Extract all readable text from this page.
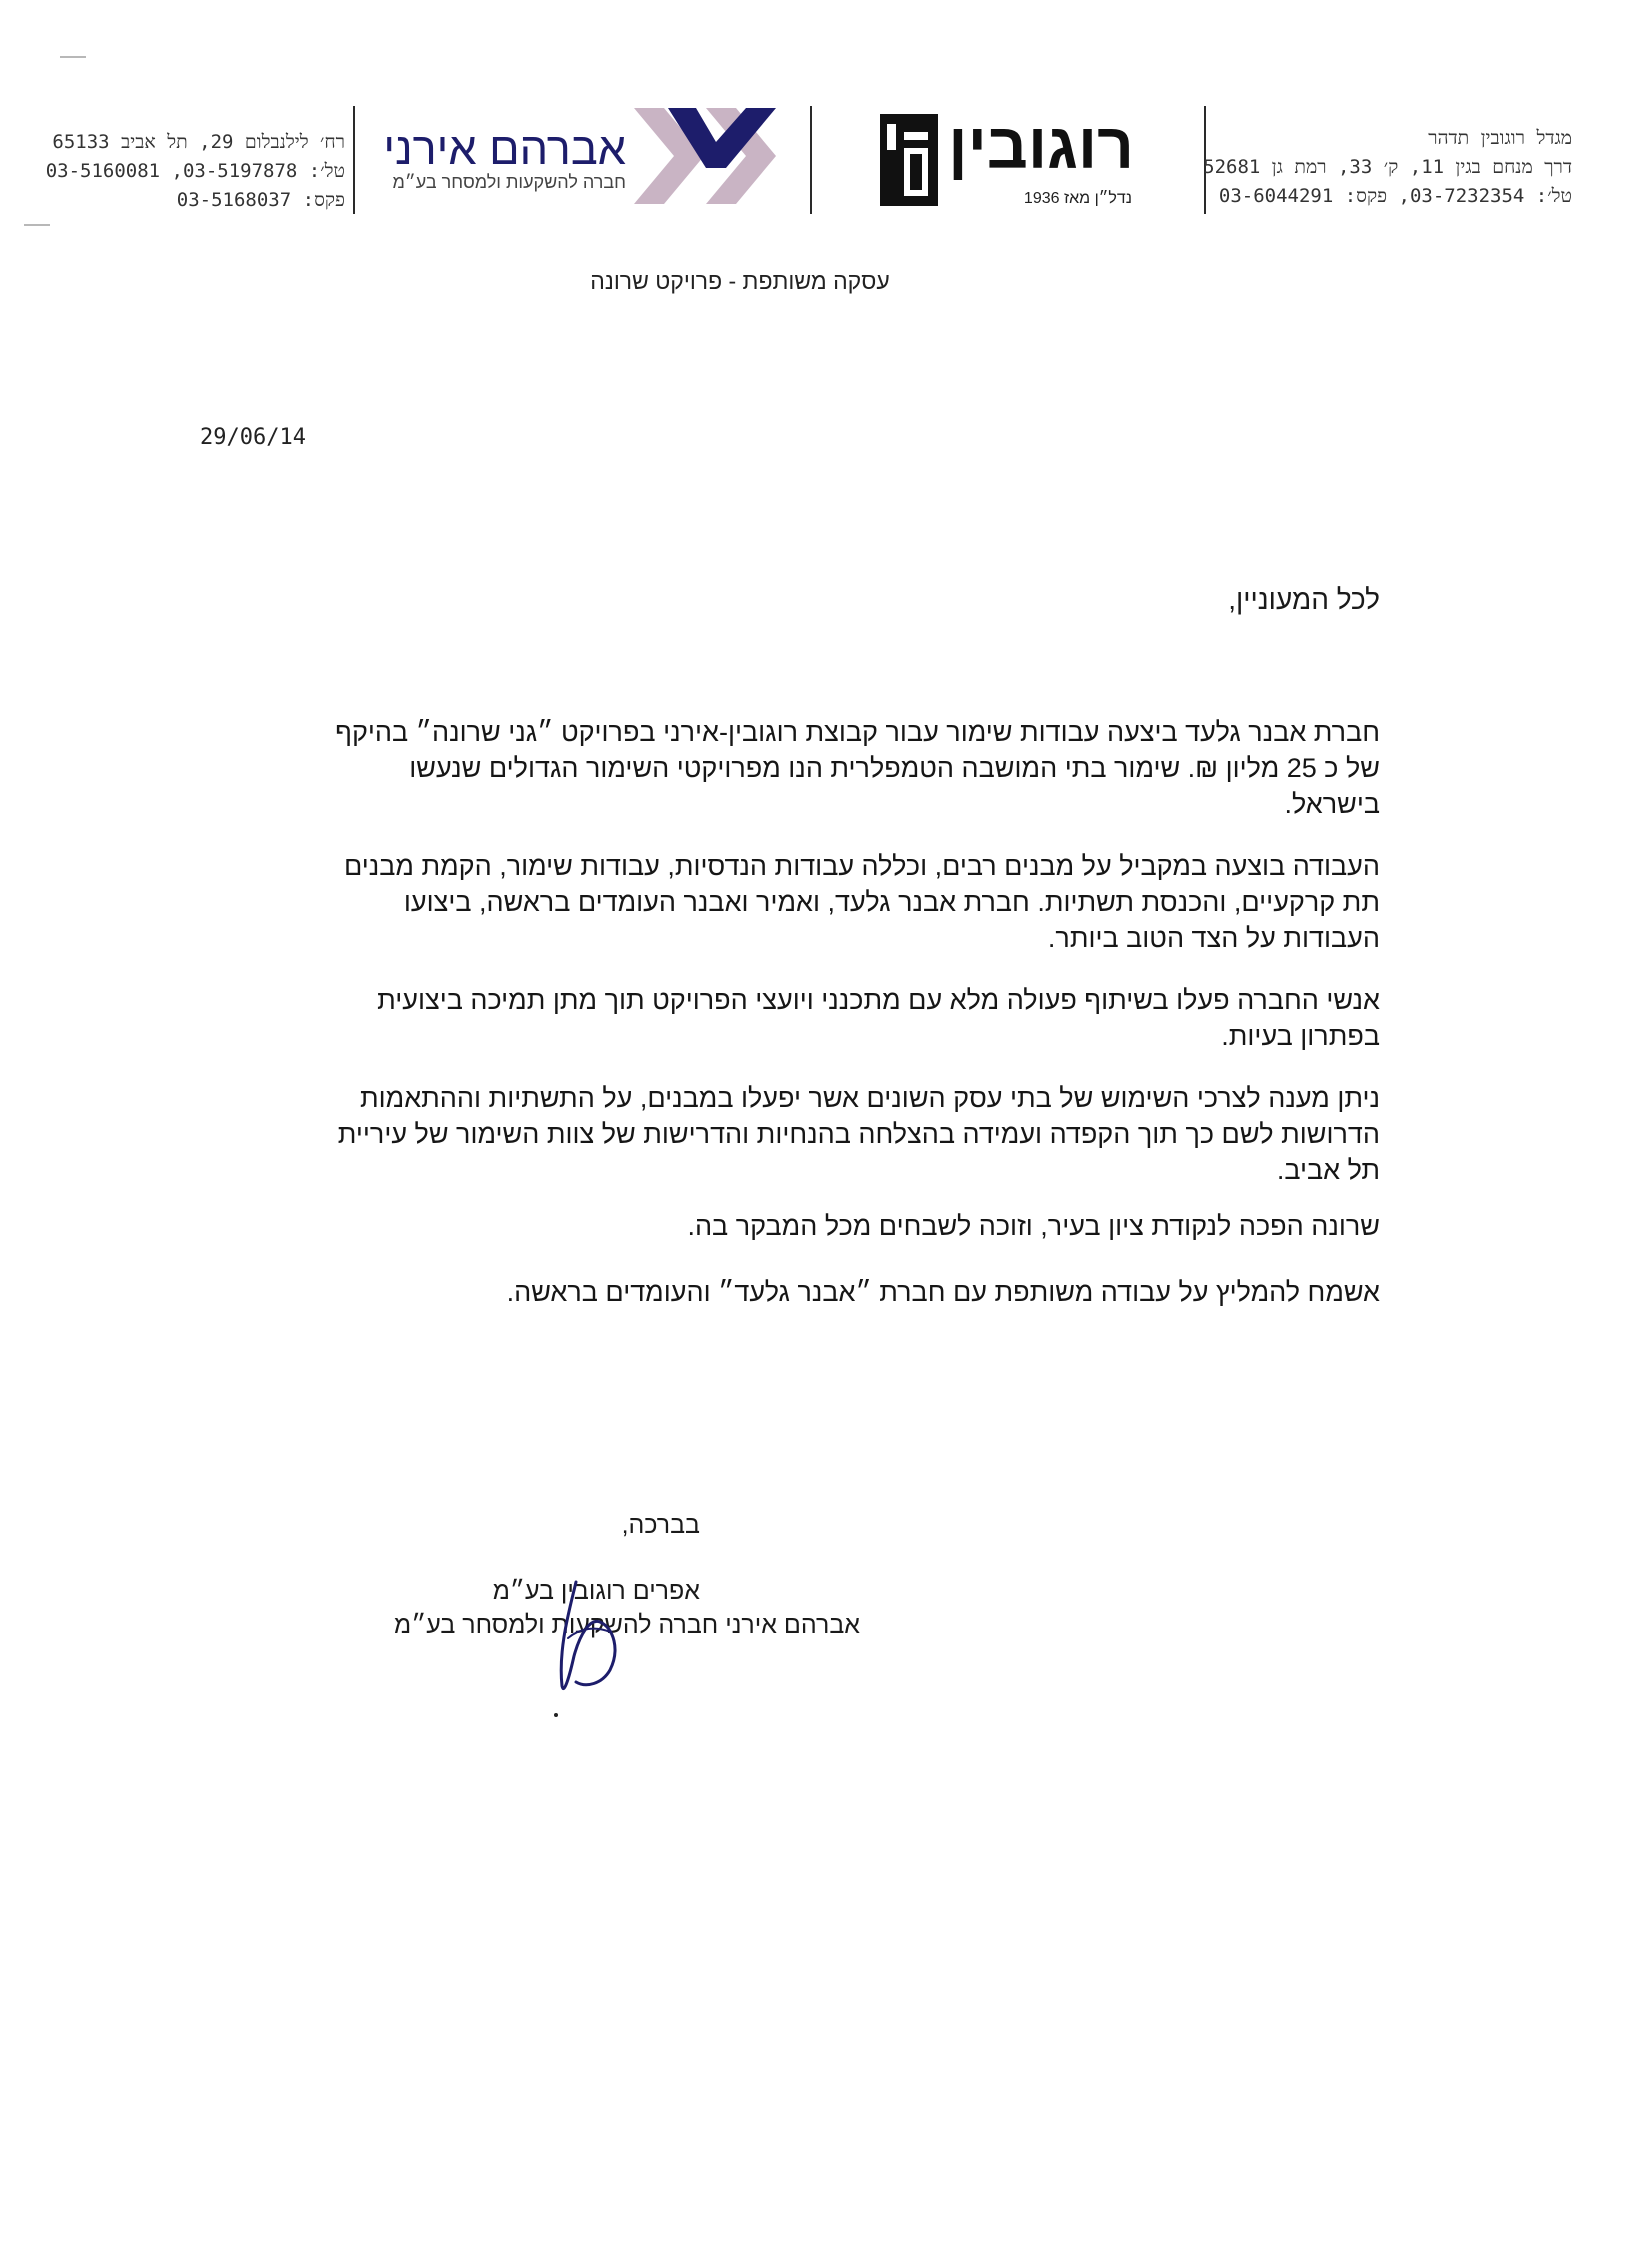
רח׳ לילנבלום 29, תל אביב 65133
טל׳: 03-5197878, 03-5160081
פקס: 03-5168037
אברהם אירני
חברה להשקעות ולמסחר בע״מ	רוגובין
נדל״ן מאז 1936
מגדל רוגובין תדהר
דרך מנחם בגין 11, ק׳ 33, רמת גן 52681
טל׳: 03-7232354, פקס: 03-6044291
עסקה משותפת - פרויקט שרונה
29/06/14
לכל המעוניין,
חברת אבנר גלעד ביצעה עבודות שימור עבור קבוצת רוגובין-אירני בפרויקט ״גני שרונה״ בהיקף
של כ 25 מליון ₪. שימור בתי המושבה הטמפלרית הנו מפרויקטי השימור הגדולים שנעשו
בישראל.
העבודה בוצעה במקביל על מבנים רבים, וכללה עבודות הנדסיות, עבודות שימור, הקמת מבנים
תת קרקעיים, והכנסת תשתיות. חברת אבנר גלעד, ואמיר ואבנר העומדים בראשה, ביצועו
העבודות על הצד הטוב ביותר.
אנשי החברה פעלו בשיתוף פעולה מלא עם מתכנני ויועצי הפרויקט תוך מתן תמיכה ביצועית
בפתרון בעיות.
ניתן מענה לצרכי השימוש של בתי עסק השונים אשר יפעלו במבנים, על התשתיות וההתאמות
הדרושות לשם כך תוך הקפדה ועמידה בהצלחה בהנחיות והדרישות של צוות השימור של עיריית
תל אביב.
שרונה הפכה לנקודת ציון בעיר, וזוכה לשבחים מכל המבקר בה.
אשמח להמליץ על עבודה משותפת עם חברת ״אבנר גלעד״ והעומדים בראשה.
בברכה,
אפרים רוגובין בע״מ
אברהם אירני חברה להשקעות ולמסחר בע״מ
